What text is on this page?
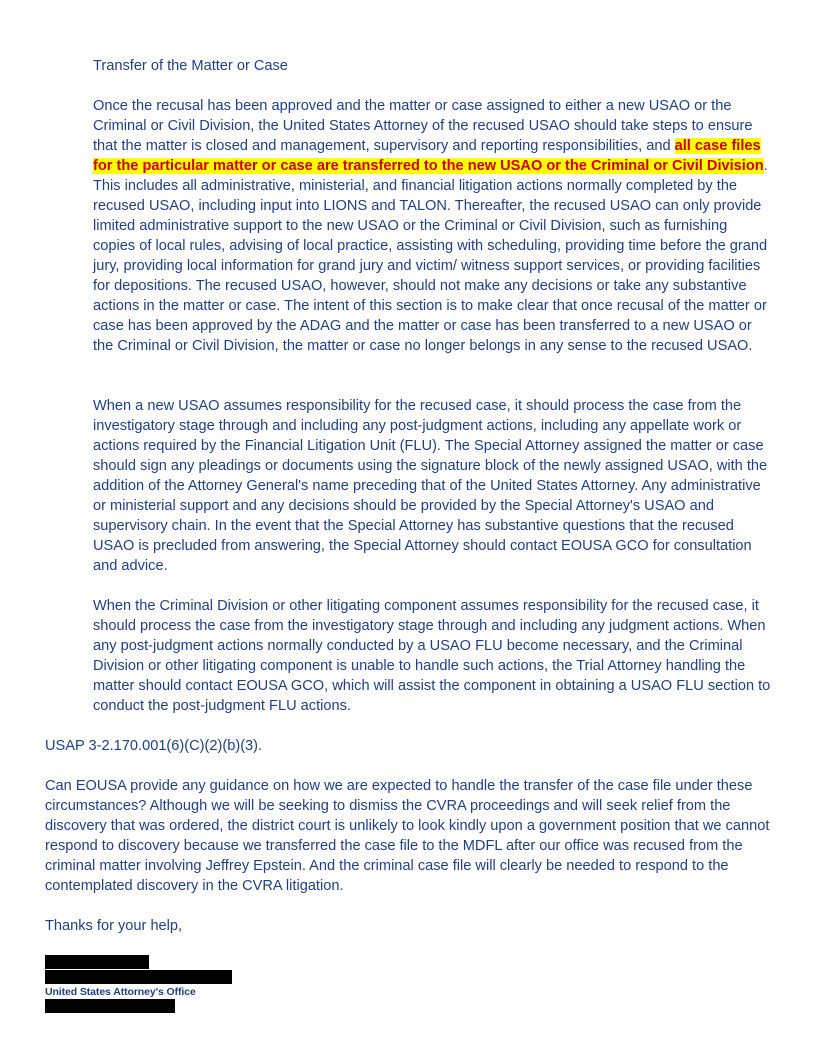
Transfer of the Matter or Case
Once the recusal has been approved and the matter or case assigned to either a new USAO or the Criminal or Civil Division, the United States Attorney of the recused USAO should take steps to ensure that the matter is closed and management, supervisory and reporting responsibilities, and all case files for the particular matter or case are transferred to the new USAO or the Criminal or Civil Division. This includes all administrative, ministerial, and financial litigation actions normally completed by the recused USAO, including input into LIONS and TALON. Thereafter, the recused USAO can only provide limited administrative support to the new USAO or the Criminal or Civil Division, such as furnishing copies of local rules, advising of local practice, assisting with scheduling, providing time before the grand jury, providing local information for grand jury and victim/ witness support services, or providing facilities for depositions. The recused USAO, however, should not make any decisions or take any substantive actions in the matter or case. The intent of this section is to make clear that once recusal of the matter or case has been approved by the ADAG and the matter or case has been transferred to a new USAO or the Criminal or Civil Division, the matter or case no longer belongs in any sense to the recused USAO.
When a new USAO assumes responsibility for the recused case, it should process the case from the investigatory stage through and including any post-judgment actions, including any appellate work or actions required by the Financial Litigation Unit (FLU). The Special Attorney assigned the matter or case should sign any pleadings or documents using the signature block of the newly assigned USAO, with the addition of the Attorney General's name preceding that of the United States Attorney. Any administrative or ministerial support and any decisions should be provided by the Special Attorney's USAO and supervisory chain. In the event that the Special Attorney has substantive questions that the recused USAO is precluded from answering, the Special Attorney should contact EOUSA GCO for consultation and advice.
When the Criminal Division or other litigating component assumes responsibility for the recused case, it should process the case from the investigatory stage through and including any judgment actions. When any post-judgment actions normally conducted by a USAO FLU become necessary, and the Criminal Division or other litigating component is unable to handle such actions, the Trial Attorney handling the matter should contact EOUSA GCO, which will assist the component in obtaining a USAO FLU section to conduct the post-judgment FLU actions.
USAP 3-2.170.001(6)(C)(2)(b)(3).
Can EOUSA provide any guidance on how we are expected to handle the transfer of the case file under these circumstances? Although we will be seeking to dismiss the CVRA proceedings and will seek relief from the discovery that was ordered, the district court is unlikely to look kindly upon a government position that we cannot respond to discovery because we transferred the case file to the MDFL after our office was recused from the criminal matter involving Jeffrey Epstein. And the criminal case file will clearly be needed to respond to the contemplated discovery in the CVRA litigation.
Thanks for your help,
United States Attorney's Office
